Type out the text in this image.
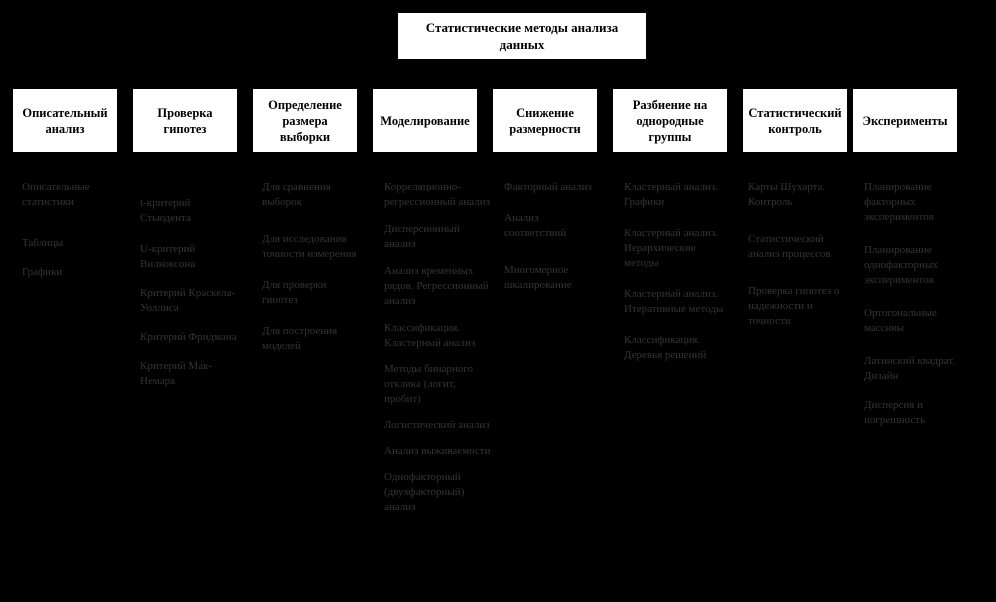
Статистические методы анализа данных
Описательный анализ
Проверка гипотез
Определение размера выборки
Моделирование
Снижение размерности
Разбиение на однородные группы
Статистический контроль
Эксперименты
Описательные статистики
Таблицы
Графики
t-критерий Стьюдента
U-критерий Вилкоксона
Критерий Краскела-Уоллиса
Критерий Фридмана
Критерий Мак-Немара
Для сравнения выборок
Для исследования точности измерения
Для проверки гипотез
Для построения моделей
Корреляционно-регрессионный анализ
Дисперсионный анализ
Анализ временных рядов. Регрессионный анализ
Классификация. Кластерный анализ
Методы бинарного отклика (логит, пробит)
Логистический анализ
Анализ выживаемости
Однофакторный (двухфакторный) анализ
Факторный анализ
Анализ соответствий
Многомерное шкалирование
Кластерный анализ. Графики
Кластерный анализ. Иерархические методы
Кластерный анализ. Итеративные методы
Классификация. Деревья решений
Карты Шухарта. Контроль
Статистический анализ процессов
Проверка гипотез о надежности и точности
Планирование факторных экспериментов
Планирование однофакторных экспериментов
Ортогональные массивы
Латинский квадрат. Дизайн
Дисперсия и погрешность
